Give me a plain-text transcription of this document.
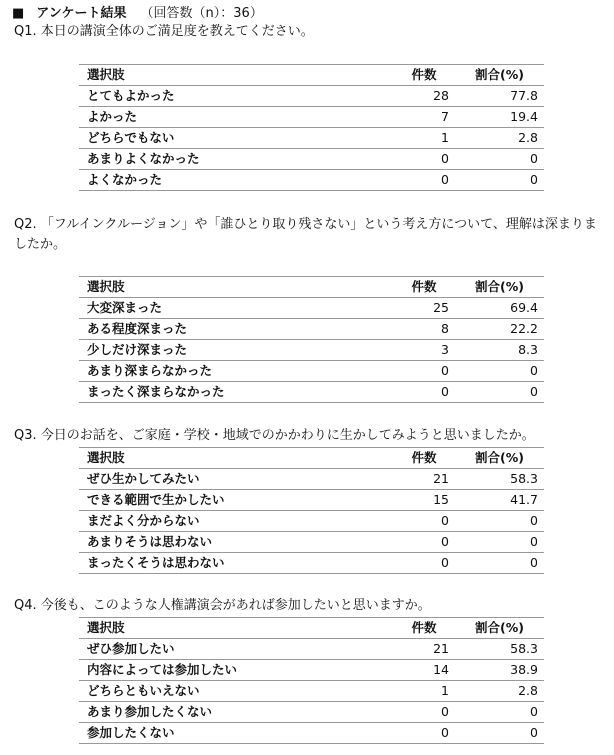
■ アンケート結果 （回答数（n）：36）
Q1. 本日の講演全体のご満足度を教えてください。
選択肢	件数	割合(%)
とてもよかった	28	77.8
よかった	7	19.4
どちらでもない	1	2.8
あまりよくなかった	0	0
よくなかった	0	0
Q2. 「フルインクルージョン」や「誰ひとり取り残さない」という考え方について、理解は深まりましたか。
選択肢	件数	割合(%)
大変深まった	25	69.4
ある程度深まった	8	22.2
少しだけ深まった	3	8.3
あまり深まらなかった	0	0
まったく深まらなかった	0	0
Q3. 今日のお話を、ご家庭・学校・地域でのかかわりに生かしてみようと思いましたか。
選択肢	件数	割合(%)
ぜひ生かしてみたい	21	58.3
できる範囲で生かしたい	15	41.7
まだよく分からない	0	0
あまりそうは思わない	0	0
まったくそうは思わない	0	0
Q4. 今後も、このような人権講演会があれば参加したいと思いますか。
選択肢	件数	割合(%)
ぜひ参加したい	21	58.3
内容によっては参加したい	14	38.9
どちらともいえない	1	2.8
あまり参加したくない	0	0
参加したくない	0	0
